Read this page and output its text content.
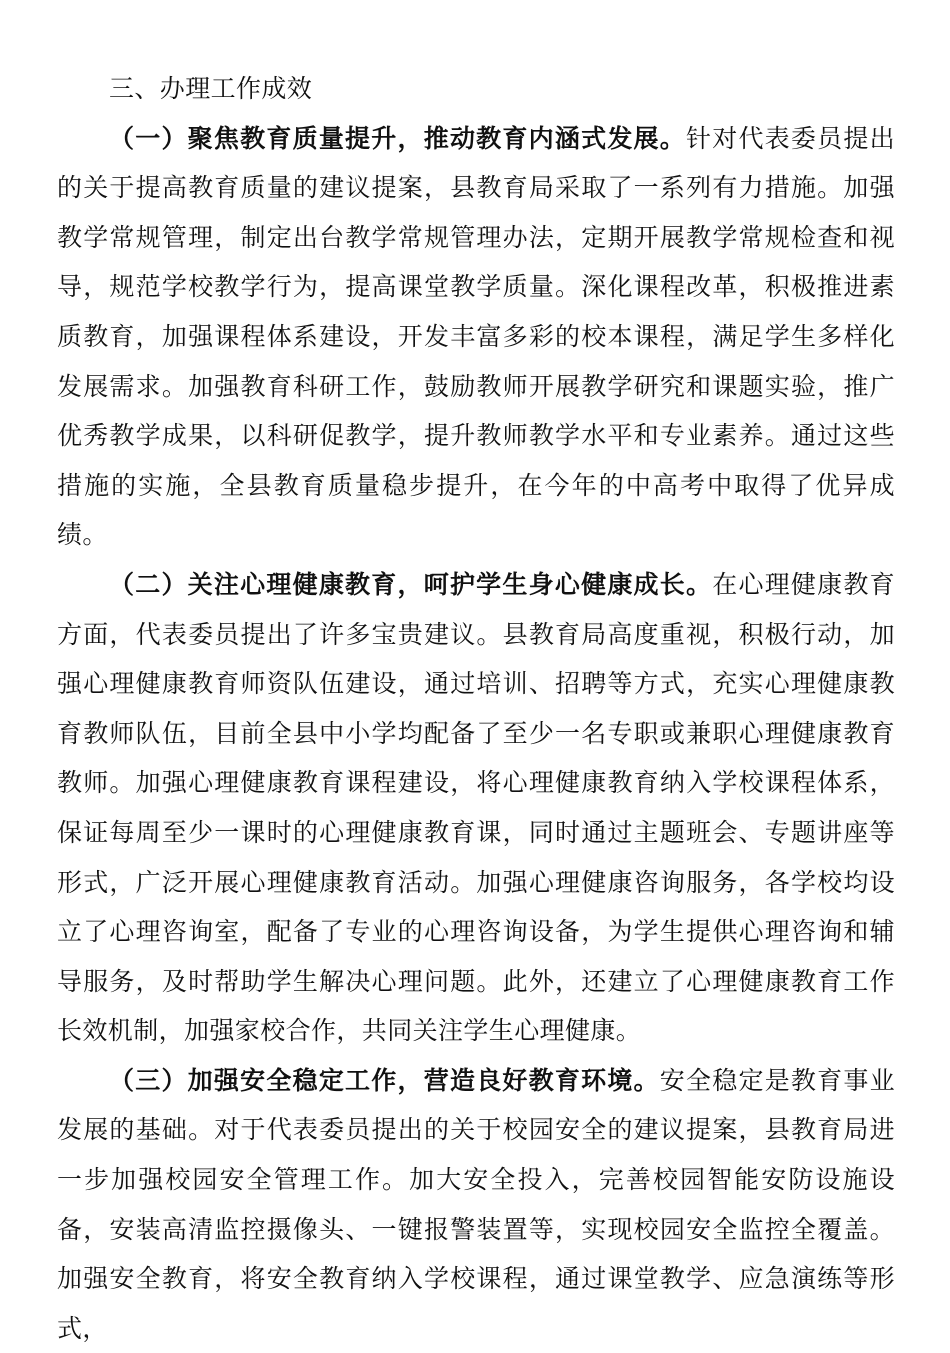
三、办理工作成效

（一）聚焦教育质量提升，推动教育内涵式发展。针对代表委员提出的关于提高教育质量的建议提案，县教育局采取了一系列有力措施。加强教学常规管理，制定出台教学常规管理办法，定期开展教学常规检查和视导，规范学校教学行为，提高课堂教学质量。深化课程改革，积极推进素质教育，加强课程体系建设，开发丰富多彩的校本课程，满足学生多样化发展需求。加强教育科研工作，鼓励教师开展教学研究和课题实验，推广优秀教学成果，以科研促教学，提升教师教学水平和专业素养。通过这些措施的实施，全县教育质量稳步提升，在今年的中高考中取得了优异成绩。

（二）关注心理健康教育，呵护学生身心健康成长。在心理健康教育方面，代表委员提出了许多宝贵建议。县教育局高度重视，积极行动，加强心理健康教育师资队伍建设，通过培训、招聘等方式，充实心理健康教育教师队伍，目前全县中小学均配备了至少一名专职或兼职心理健康教育教师。加强心理健康教育课程建设，将心理健康教育纳入学校课程体系，保证每周至少一课时的心理健康教育课，同时通过主题班会、专题讲座等形式，广泛开展心理健康教育活动。加强心理健康咨询服务，各学校均设立了心理咨询室，配备了专业的心理咨询设备，为学生提供心理咨询和辅导服务，及时帮助学生解决心理问题。此外，还建立了心理健康教育工作长效机制，加强家校合作，共同关注学生心理健康。

（三）加强安全稳定工作，营造良好教育环境。安全稳定是教育事业发展的基础。对于代表委员提出的关于校园安全的建议提案，县教育局进一步加强校园安全管理工作。加大安全投入，完善校园智能安防设施设备，安装高清监控摄像头、一键报警装置等，实现校园安全监控全覆盖。加强安全教育，将安全教育纳入学校课程，通过课堂教学、应急演练等形式，
